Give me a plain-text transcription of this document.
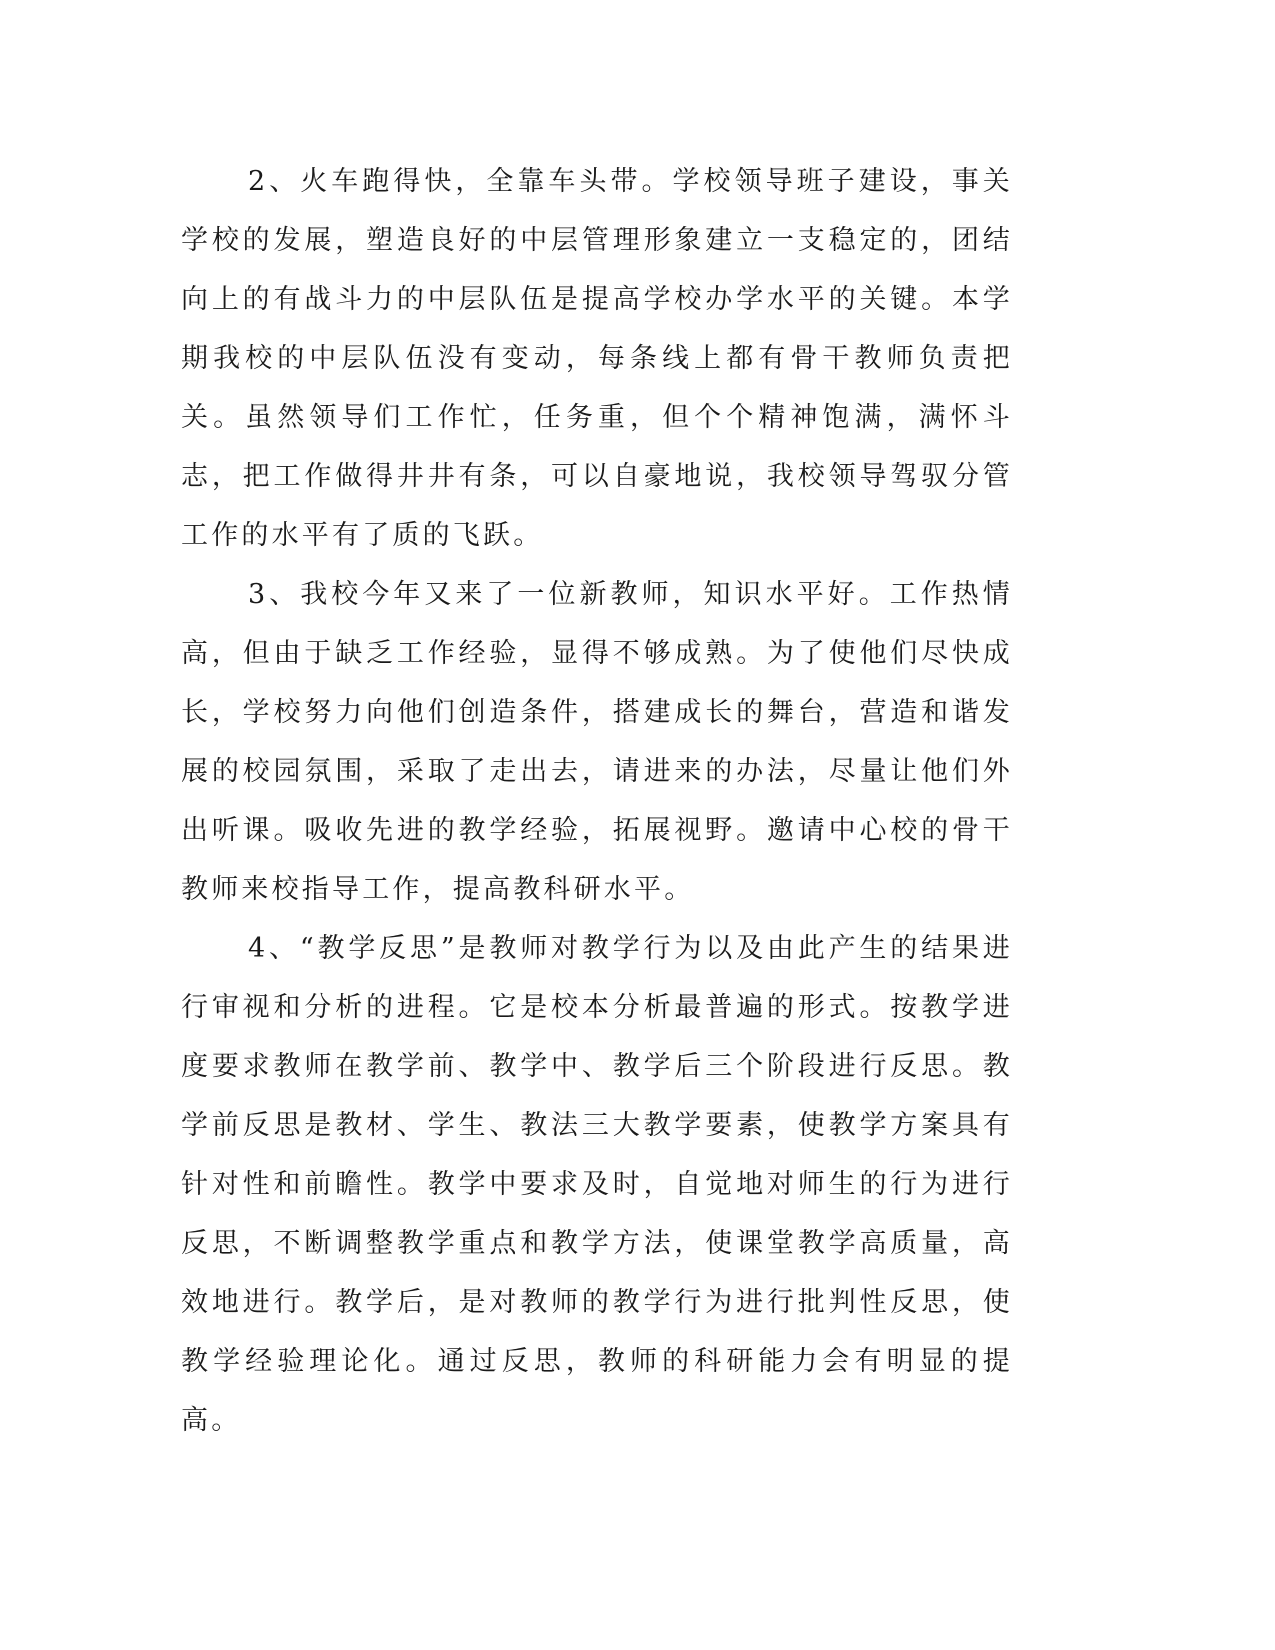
2、火车跑得快，全靠车头带。学校领导班子建设，事关学校的发展，塑造良好的中层管理形象建立一支稳定的，团结向上的有战斗力的中层队伍是提高学校办学水平的关键。本学期我校的中层队伍没有变动，每条线上都有骨干教师负责把关。虽然领导们工作忙，任务重，但个个精神饱满，满怀斗志，把工作做得井井有条，可以自豪地说，我校领导驾驭分管工作的水平有了质的飞跃。

3、我校今年又来了一位新教师，知识水平好。工作热情高，但由于缺乏工作经验，显得不够成熟。为了使他们尽快成长，学校努力向他们创造条件，搭建成长的舞台，营造和谐发展的校园氛围，采取了走出去，请进来的办法，尽量让他们外出听课。吸收先进的教学经验，拓展视野。邀请中心校的骨干教师来校指导工作，提高教科研水平。

4、“教学反思”是教师对教学行为以及由此产生的结果进行审视和分析的进程。它是校本分析最普遍的形式。按教学进度要求教师在教学前、教学中、教学后三个阶段进行反思。教学前反思是教材、学生、教法三大教学要素，使教学方案具有针对性和前瞻性。教学中要求及时，自觉地对师生的行为进行反思，不断调整教学重点和教学方法，使课堂教学高质量，高效地进行。教学后，是对教师的教学行为进行批判性反思，使教学经验理论化。通过反思，教师的科研能力会有明显的提高。
